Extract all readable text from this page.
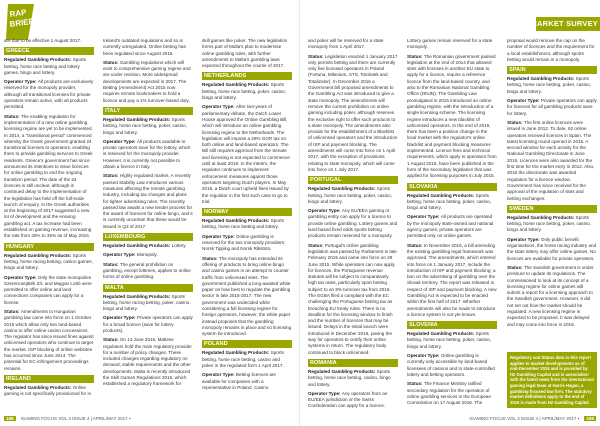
RAP
BRIEF	WORLD MARKET SURVEY

are due to be effective 1 August 2017.

GREECE

Regulated Gambling Products: Sports betting, horse race betting and lottery games, bingo and lottery.

Operator Type: All products are exclusively reserved for the monopoly provider, although all transitional licenses for private operators remain active, with all products permitted.

Status: The enabling regulation for implementation of a new online gambling licensing regime are yet to be implemented. In 2014, a "transitional period" commenced whereby the Greek government granted 24 transitional licenses to operators, enabling them to provide gambling services to Greek residents. Greece's government has since announced its intentions to issue licences for online gambling to end the ongoing transition period. The date of the 24 licences is still unclear, although is continued delay to the implementation of the legislation has held off the full-scale launch of enquiry. In the Greek authorities at the beginning of 2017 suggested a new lot of development and the ensuing gambling act. A tax increase had been established on gaming revenue, increasing the rate from 30% to 35% as of May 2016.

HUNGARY

Regulated Gambling Products: Sports betting, horse racing betting, casino games, bingo and lottery.

Operator Type: Only the state monopolies Szerencsejáték Zrt. and Magyar Lottó were permitted to offer online and land connections companies can apply for a license.

Status: Amendments to Hungarian gambling law came into force on 1 October 2015 which allow only two land-based casino to offer online casino concessions. The regulator has since issued fines against unlicensed operators who continue to target the market. IGP blocking of online websites has occurred since June 2014. The potential for EC infringement proceedings remains.

IRELAND

Regulated Gambling Products: Online gaming is not specifically provisioned for in

Ireland's outdated regulations and so is currently unregulated. Online betting has been regulated since August 2015.

Status: Gambling regulations which will exist to comprehensive gaming regime and are under revision. More widespread developments are expected in 2017. The Betting (Amendment) Act 2015 now requires remote bookmakers to hold a licence and pay a 1% turnover-based duty.

ITALY

Regulated Gambling Products: Sports betting, horse race betting, poker, casino, bingo and lottery.

Operator Type: All products available to private operators save for the lottery, which is reserved for the monopoly provider. However, it is currently not possible to obtain a licence in Italy.

Status: Highly regulated market. A recently passed Stability Law introduces various measures affecting the remote gambling industry, including tax changes and plans for tighter advertising rules. The recently passed law awaits a new tender process for the award of licences for online bingo, and it is currently uncertain that these would be issued in Q3 of 2017.

LUXEMBOURG

Regulated Gambling Products: Lottery

Operator Type: Monopoly.

Status: The general prohibition on gambling, except lotteries, applies to online forms of online gambling.

MALTA

Regulated Gambling Products: Sports betting, horse racing betting, poker, casino, bingo and lottery.

Operator Type: Private operators can apply for a broad licence (save for lottery products).

Status: On 13 June 2016, Maltese regulators hold the main regulatory provider for a number of policy changes. These included changes regarding regulatory on demand, stable requirements and the other developments. Malta is recently introduced the Skill Games Regulations 2016, which established a regulatory framework for

skill games like poker. The new legislation forms part of Malta's plan to modernise online gambling rules, with further amendments to Malta's gambling laws expected throughout the course of 2017.

NETHERLANDS

Regulated Gambling Products: Sports betting, horse race betting, poker, casino, bingo and lottery.

Operator Type: After two-years of parliamentary debate, the Dutch Lower House approved the Online Gambling Bill, which will introduce an online gambling licensing regime to the Netherlands. The legislation will impose a 29% GGR tax on both online and land-based operators. The Bill still requires approval from the Senate and licensing is not expected to commence until at least 2018. In the interim, the regulator continues to implement enforcement measures against those operators targeting Dutch players. In May 2016, a Dutch court upheld fines issued by the regulator in the first such case to go to trial.

NORWAY

Regulated Gambling Products: Sports betting, horse race betting and lottery.

Operator Type: Online gambling is reserved for the two monopoly providers: Norsk Tipping and Norsk Rikstoto.

Status: The monopoly has extended its offering of products to bring online bingo and casino games in an attempt to counter traffic from unlicensed sites. The government published a long-awaited white paper on how best to regulate the gambling sector in late 2016-2017. The new government was undecided while considering a full licensing regime for foreign operators, however, the white paper instead proposes that the gambling monopoly remains in place and no licensing system be introduced.

POLAND

Regulated Gambling Products: Sports betting, horse race betting, casino and poker in the regulated form 1 April 2017.

Operator Type: Betting licences are available for companies with a representative in Poland. Casino

and poker will be reserved for a state monopoly from 1 April 2017.

Status: Legislation enacted 1 January 2017 only permits betting and there are currently only five licensed operators in Poland (Fortuna, Milenium, STS, Totolotek and Totalizator). In December 2016 a Government bill proposed amendments to the Gambling Act was introduced to give a state monopoly. The amendments will remove the current prohibition on online gaming including poker, although reserves the exclusive right to offer such products to a state monopoly. The amendments also provide for the establishment of a Blacklist of unlicensed operators and the introduction of ISP and payment blocking. The amendments will come into force on 1 April 2017, with the exception of provisions relating to state monopoly, which will come into force on 1 July 2017.

PORTUGAL

Regulated Gambling Products: Sports betting, horse race betting, poker, casino, bingo and lottery.

Operator Type: Any EU/EEA gaming or gambling entity can apply for a licence to provide online gambling. Lottery games and land-based fixed odds sports betting products remain reserved for a monopoly.

Status: Portugal's online gambling legislation was passed by Parliament in late February 2015 and came into force on 29 June 2015. While operators can now apply for licences, the Portuguese revenue statutes will be subject to comparatively high tax rates, particularly sport betting subject to an 8% turnover tax from 2016. The EGBA filed a complaint with the EC challenging the Portuguese betting tax as breaching EU treaty rules. There is no deadline for the licensing window to finish and the number of licences that may be issued. Delays in the initial launch were introduced in December 2016, paving the way for operators to certify their online systems in return. The regulatory body continued to block unlicensed.

ROMANIA

Regulated Gambling Products: Sports betting, horse race betting, casino, bingo and lottery.

Operator Type: Any operators from an EU/EEA jurisdiction or the Swiss Confederation can apply for a licence.

Lottery games remain reserved for a state monopoly.

Status: The Romanian government passed legislation at the end of 2014 that allowed sites with licenses in another EU state to apply for a licence, require a reference licence from the land-based country, and also to the Romanian National Gambling Office (ONJN). The Gambling Law promulgated in 2015 introduced an online gambling regime, with the introduction of a single licensing scheme. The licensing regime introduces a new blacklist of unlicensed operators. In the end of 2016, there has been a positive change in the local market with the regulator's online blacklist and payment blocking measures implemented. Licence fees and technical requirements, which apply to operators from 1 August 2015, have been published in the form of the secondary legislation that was applied for licensing purposes in July 2015.

SLOVAKIA

Regulated Gambling Products: Sports betting, horse race betting, poker, casino, bingo and lottery.

Operator Type: All products are operated by the monopoly state-owned and national agency games; private operators are permitted only on online games.

Status: In November 2016, a bill amending the existing gambling legal framework was approved. The amendments, which entered into force on 1 January 2017, include the introduction of ISP and payment blocking; a ban on the advertising of gambling over the Slovak territory. The report was released in respect of ISP and payment blocking. A new Gambling Act is expected to be enacted within the first half of 2017. Whether amendments will also be made to introduce a licence system is not yet known.

SLOVENIA

Regulated Gambling Products: Sports betting, horse race betting, poker, casino, bingo and lottery.

Operator Type: Online gambling is currently only accessible by land-based licensees of casinos and to state-controlled lottery and betting operators.

Status: The Finance Ministry ratified secondary regulation for the operation of online gambling services in the European Commission on 17 August 2016. The

proposal would remove the cap on the number of licences and the requirement for a local establishment, although sports betting would remain in a monopoly.

SPAIN

Regulated Gambling Products: Sports betting, horse race betting, poker, casino, bingo and lottery.

Operator Type: Private operators can apply for licences for all gambling products save for lottery.

Status: The first online licences were issued in June 2012. To date, 62 online operators received licences in Spain. The latest licensing round opened in 2015. A second window for each activity for the National Gambling Directorate in June 2016. Licences were also awarded for the first time for the market entry in 2012. Also, 2016 the directorate was awarded regulation for a licence window. Government has since received for the approval of the regulation of slots and betting exchanges.

SWEDEN

Regulated Gambling Products: Sports betting, horse race betting, poker, casino, bingo and lottery.

Operator Type: Only public benefit organisations, the horse racing industry and the state lottery may offer online games. No licences are available for private operators.

Status: The Swedish government is under pressure to update its regulations. The commissioned to look at its concept of a licensing regime for online games will submit a report for a licensing approach to the Swedish government. However, it did not set out how the market should be regulated. A new licensing regime is expected to be proposed. It was delayed and may come into force in 2019.

Regulatory and Status data in this report applies to market developments as of mid-December 2016 and is provided by H2 Gambling Capital and in association with the latest news from the international gaming legal team at Harris Hagan, a gambling focused law firm. The statutory market definitions apply to the end of 2016 is made from H2 Gambling Capital.
168 iGAMING FOCUS VOL 3 ISSUE 4 | APRIL/MAY 2017 ▪	iGAMING FOCUS VOL 3 ISSUE 4 | APRIL/MAY 2017 ▪ 169
